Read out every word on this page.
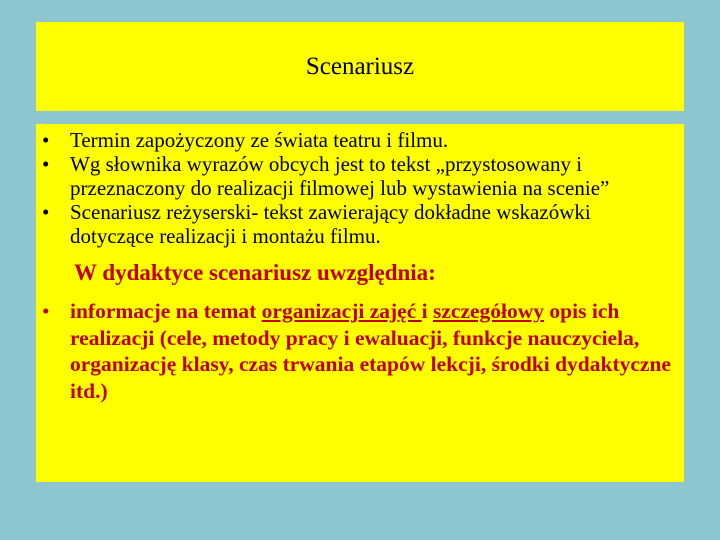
Scenariusz
• Termin zapożyczony ze świata teatru i filmu.
• Wg słownika wyrazów obcych jest to tekst „przystosowany i przeznaczony do realizacji filmowej lub wystawienia na scenie”
• Scenariusz reżyserski- tekst zawierający dokładne wskazówki dotyczące realizacji i montażu filmu.
W dydaktyce scenariusz uwzględnia:
• informacje na temat organizacji zajęć i szczegółowy opis ich realizacji (cele, metody pracy i ewaluacji, funkcje nauczyciela, organizację klasy, czas trwania etapów lekcji, środki dydaktyczne itd.)
